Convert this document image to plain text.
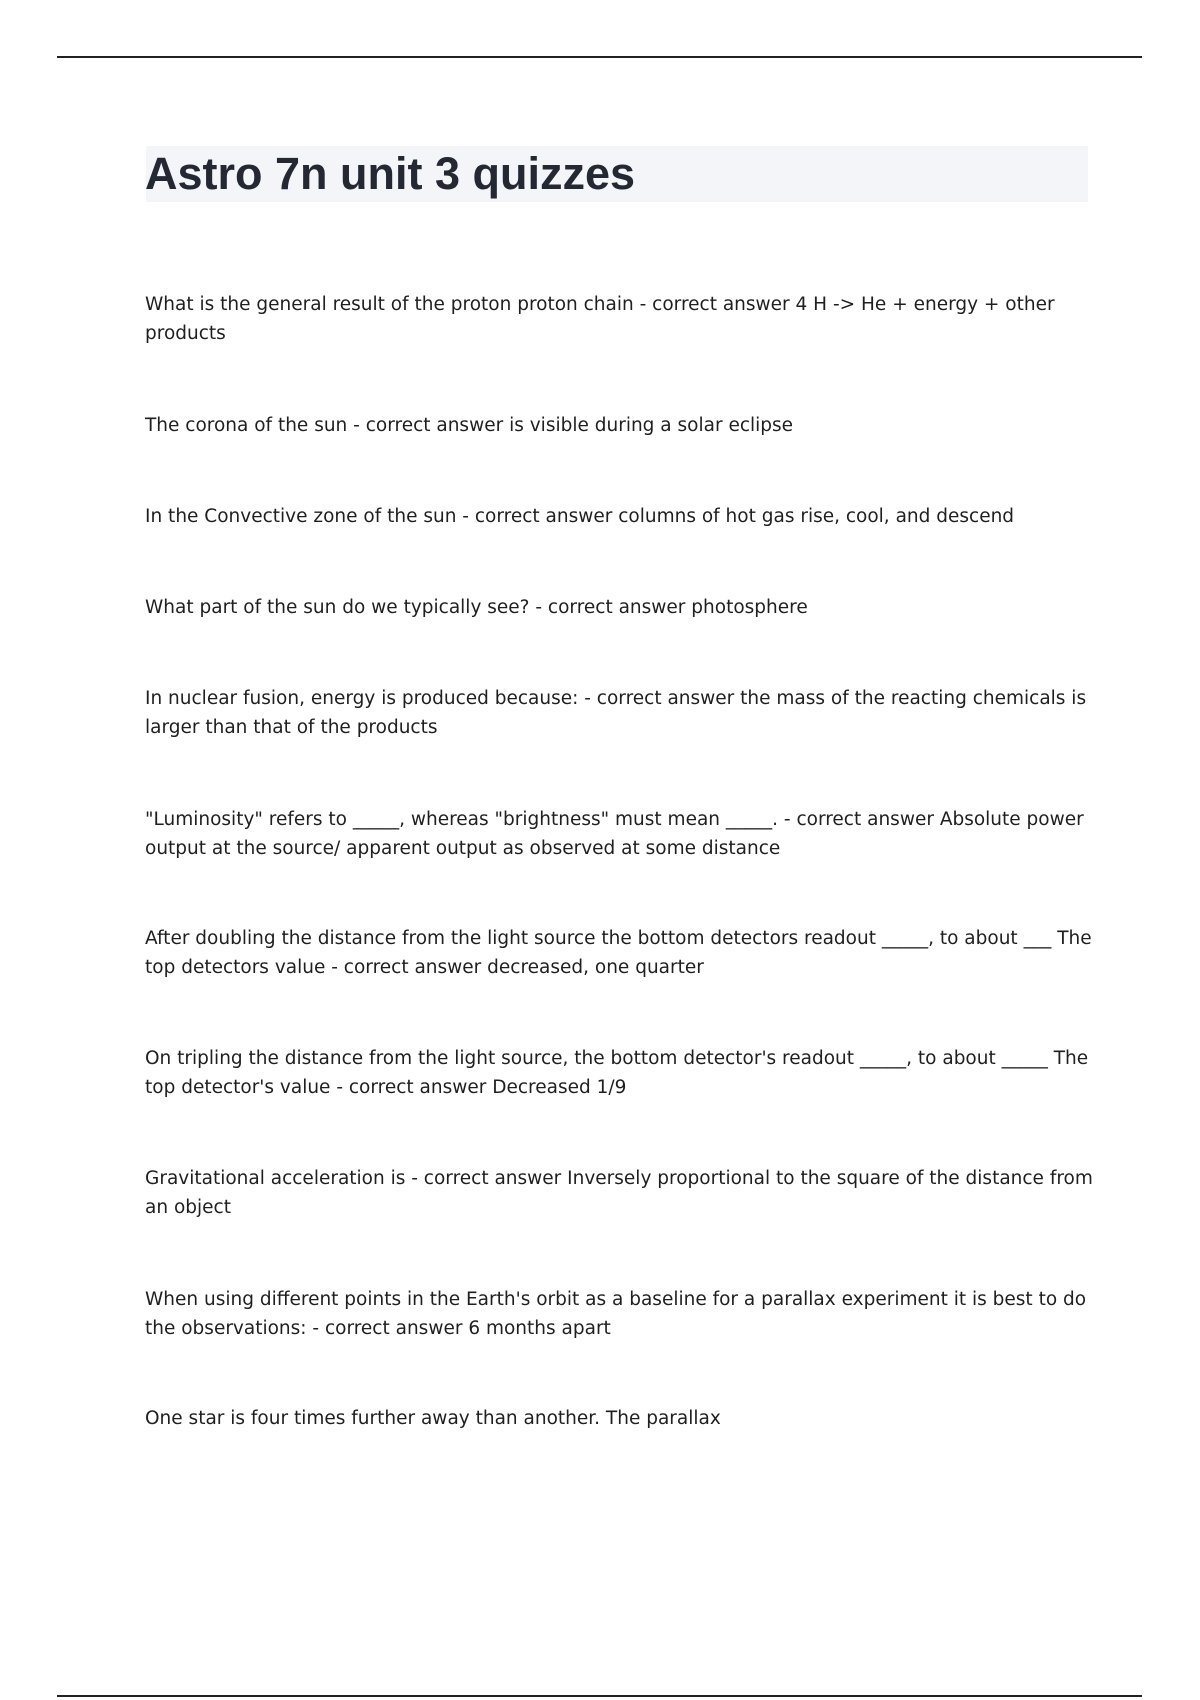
Astro 7n unit 3 quizzes

What is the general result of the proton proton chain - correct answer 4 H -> He + energy + other products

The corona of the sun - correct answer is visible during a solar eclipse

In the Convective zone of the sun - correct answer columns of hot gas rise, cool, and descend

What part of the sun do we typically see? - correct answer photosphere

In nuclear fusion, energy is produced because: - correct answer the mass of the reacting chemicals is larger than that of the products

"Luminosity" refers to _____, whereas "brightness" must mean _____. - correct answer Absolute power output at the source/ apparent output as observed at some distance

After doubling the distance from the light source the bottom detectors readout _____, to about ___ The top detectors value - correct answer decreased, one quarter

On tripling the distance from the light source, the bottom detector's readout _____, to about _____ The top detector's value - correct answer Decreased 1/9

Gravitational acceleration is - correct answer Inversely proportional to the square of the distance from an object

When using different points in the Earth's orbit as a baseline for a parallax experiment it is best to do the observations: - correct answer 6 months apart

One star is four times further away than another. The parallax
